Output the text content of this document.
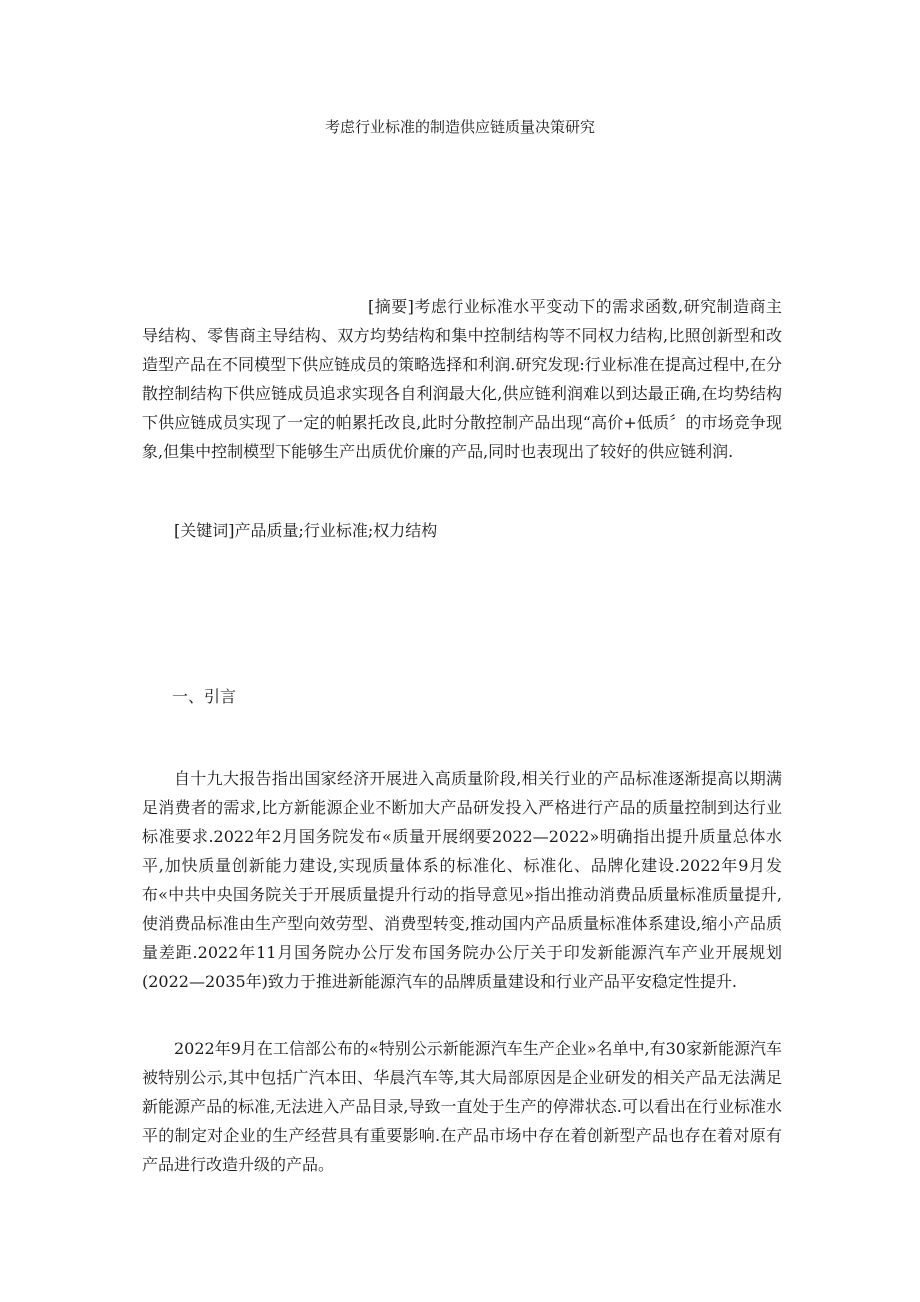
考虑行业标准的制造供应链质量决策研究
[摘要]考虑行业标准水平变动下的需求函数,研究制造商主导结构、零售商主导结构、双方均势结构和集中控制结构等不同权力结构,比照创新型和改造型产品在不同模型下供应链成员的策略选择和利润.研究发现:行业标准在提高过程中,在分散控制结构下供应链成员追求实现各自利润最大化,供应链利润难以到达最正确,在均势结构下供应链成员实现了一定的帕累托改良,此时分散控制产品出现“高价+低质〞的市场竞争现象,但集中控制模型下能够生产出质优价廉的产品,同时也表现出了较好的供应链利润.
[关键词]产品质量;行业标准;权力结构
一、引言
自十九大报告指出国家经济开展进入高质量阶段,相关行业的产品标准逐渐提高以期满足消费者的需求,比方新能源企业不断加大产品研发投入严格进行产品的质量控制到达行业标准要求.2022年2月国务院发布«质量开展纲要2022—2022»明确指出提升质量总体水平,加快质量创新能力建设,实现质量体系的标准化、标准化、品牌化建设.2022年9月发布«中共中央国务院关于开展质量提升行动的指导意见»指出推动消费品质量标准质量提升,使消费品标准由生产型向效劳型、消费型转变,推动国内产品质量标准体系建设,缩小产品质量差距.2022年11月国务院办公厅发布国务院办公厅关于印发新能源汽车产业开展规划(2022—2035年)致力于推进新能源汽车的品牌质量建设和行业产品平安稳定性提升.
2022年9月在工信部公布的«特别公示新能源汽车生产企业»名单中,有30家新能源汽车被特别公示,其中包括广汽本田、华晨汽车等,其大局部原因是企业研发的相关产品无法满足新能源产品的标准,无法进入产品目录,导致一直处于生产的停滞状态.可以看出在行业标准水平的制定对企业的生产经营具有重要影响.在产品市场中存在着创新型产品也存在着对原有产品进行改造升级的产品。
